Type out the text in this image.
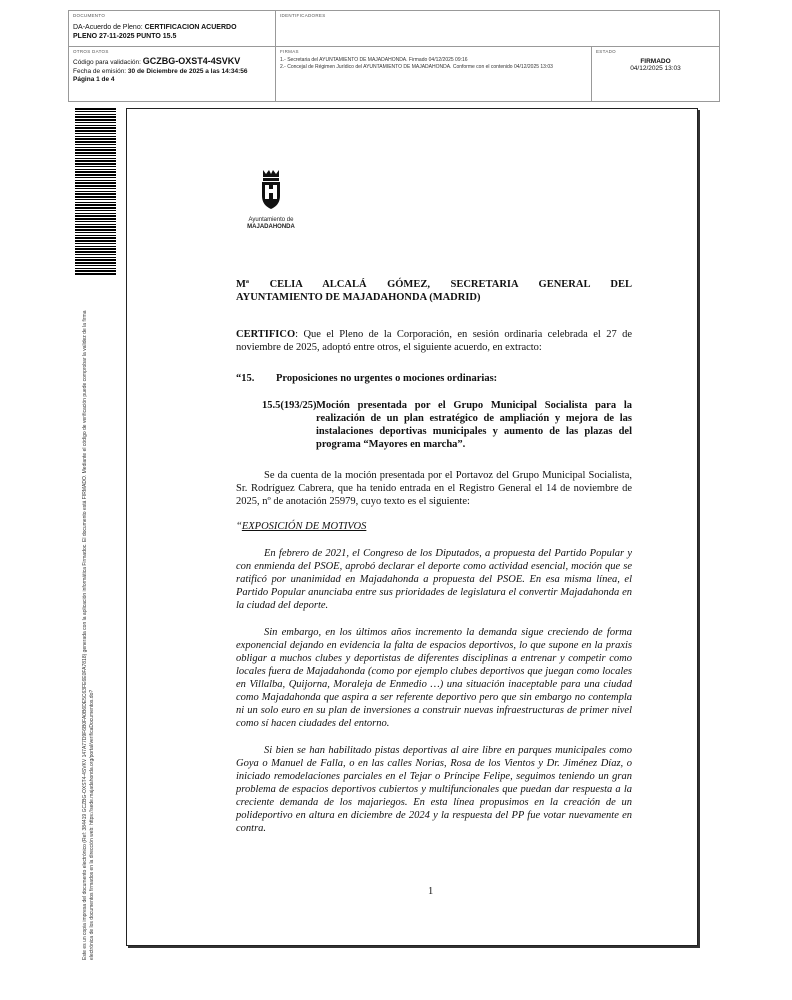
DOCUMENTO
DA-Acuerdo de Pleno: CERTIFICACION ACUERDO
PLENO 27-11-2025 PUNTO 15.5
IDENTIFICADORES
OTROS DATOS
Código para validación: GCZBG-OXST4-4SVKV
Fecha de emisión: 30 de Diciembre de 2025 a las 14:34:56
Página 1 de 4
FIRMAS
1.- Secretaria del AYUNTAMIENTO DE MAJADAHONDA. Firmado 04/12/2025 09:16
2.- Concejal de Régimen Jurídico del AYUNTAMIENTO DE MAJADAHONDA. Conforme con el contenido 04/12/2025 13:03
ESTADO
FIRMADO
04/12/2025 13:03
Este es un copia impresa del documento electrónico (Ref: 384419 GCZBG-OXST4-4SVKV 147A77D9F6B0FA0B6DE5C63FE6E0FA7818) generada con la aplicación informática Firmadoc. El documento está FIRMADO. Mediante el código de verificación puede comprobar la validez de la firma electrónica de los documentos firmados en la dirección web: https://sede.majadahonda.org/portal/verificaDocumentos.do?
Ayuntamiento de
MAJADAHONDA
Mª CELIA ALCALÁ GÓMEZ, SECRETARIA GENERAL DEL
AYUNTAMIENTO DE MAJADAHONDA (MADRID)

CERTIFICO: Que el Pleno de la Corporación, en sesión ordinaria celebrada el 27 de noviembre de 2025, adoptó entre otros, el siguiente acuerdo, en extracto:

“15.	Proposiciones no urgentes o mociones ordinarias:
15.5(193/25) Moción presentada por el Grupo Municipal Socialista para la realización de un plan estratégico de ampliación y mejora de las instalaciones deportivas municipales y aumento de las plazas del programa “Mayores en marcha”.

Se da cuenta de la moción presentada por el Portavoz del Grupo Municipal Socialista, Sr. Rodríguez Cabrera, que ha tenido entrada en el Registro General el 14 de noviembre de 2025, nº de anotación 25979, cuyo texto es el siguiente:

“EXPOSICIÓN DE MOTIVOS

En febrero de 2021, el Congreso de los Diputados, a propuesta del Partido Popular y con enmienda del PSOE, aprobó declarar el deporte como actividad esencial, moción que se ratificó por unanimidad en Majadahonda a propuesta del PSOE. En esa misma línea, el Partido Popular anunciaba entre sus prioridades de legislatura el convertir Majadahonda en la ciudad del deporte.

Sin embargo, en los últimos años incremento la demanda sigue creciendo de forma exponencial dejando en evidencia la falta de espacios deportivos, lo que supone en la praxis obligar a muchos clubes y deportistas de diferentes disciplinas a entrenar y competir como locales fuera de Majadahonda (como por ejemplo clubes deportivos que juegan como locales en Villalba, Quijorna, Moraleja de Enmedio …) una situación inaceptable para una ciudad como Majadahonda que aspira a ser referente deportivo pero que sin embargo no contempla ni un solo euro en su plan de inversiones a construir nuevas infraestructuras de primer nivel como sí hacen ciudades del entorno.

Si bien se han habilitado pistas deportivas al aire libre en parques municipales como Goya o Manuel de Falla, o en las calles Norias, Rosa de los Vientos y Dr. Jiménez Díaz, o iniciado remodelaciones parciales en el Tejar o Príncipe Felipe, seguimos teniendo un gran problema de espacios deportivos cubiertos y multifuncionales que puedan dar respuesta a la creciente demanda de los majariegos. En esta línea propusimos en la creación de un polideportivo en altura en diciembre de 2024 y la respuesta del PP fue votar nuevamente en contra.

1
